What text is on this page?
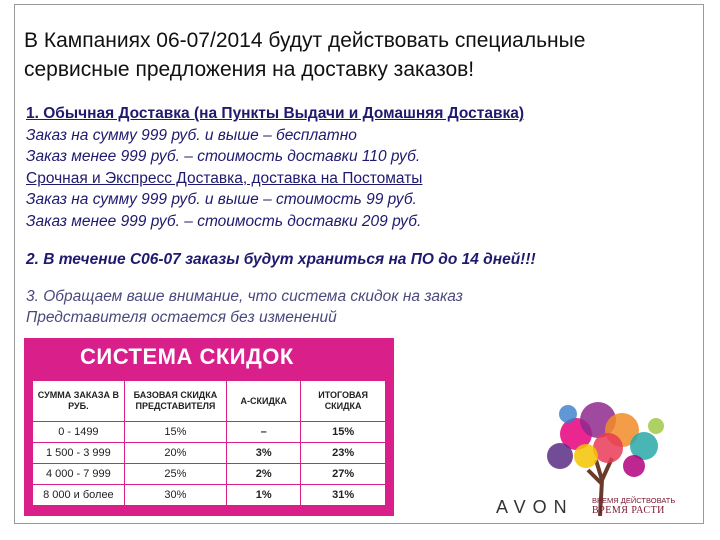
В Кампаниях 06-07/2014 будут действовать специальные сервисные предложения на доставку заказов!

1. Обычная Доставка (на Пункты Выдачи и Домашняя Доставка)

Заказ на сумму 999 руб. и выше – бесплатно

Заказ менее 999 руб. – стоимость доставки 110 руб.

Срочная и Экспресс Доставка, доставка на Постоматы

Заказ на сумму 999 руб. и выше – стоимость 99 руб.

Заказ менее 999 руб. – стоимость доставки 209 руб.

2. В течение С06-07 заказы будут храниться на ПО до 14 дней!!!

3. Обращаем ваше внимание, что система скидок на заказ

Представителя остается без изменений

СИСТЕМА СКИДОК
СУММА ЗАКАЗА В РУБ.	БАЗОВАЯ СКИДКА ПРЕДСТАВИТЕЛЯ	A-СКИДКА	ИТОГОВАЯ СКИДКА
0 - 1499	15%	–	15%
1 500 - 3 999	20%	3%	23%
4 000 - 7 999	25%	2%	27%
8 000 и более	30%	1%	31%
AVON ВРЕМЯ ДЕЙСТВОВАТЬ
ВРЕМЯ РАСТИ
